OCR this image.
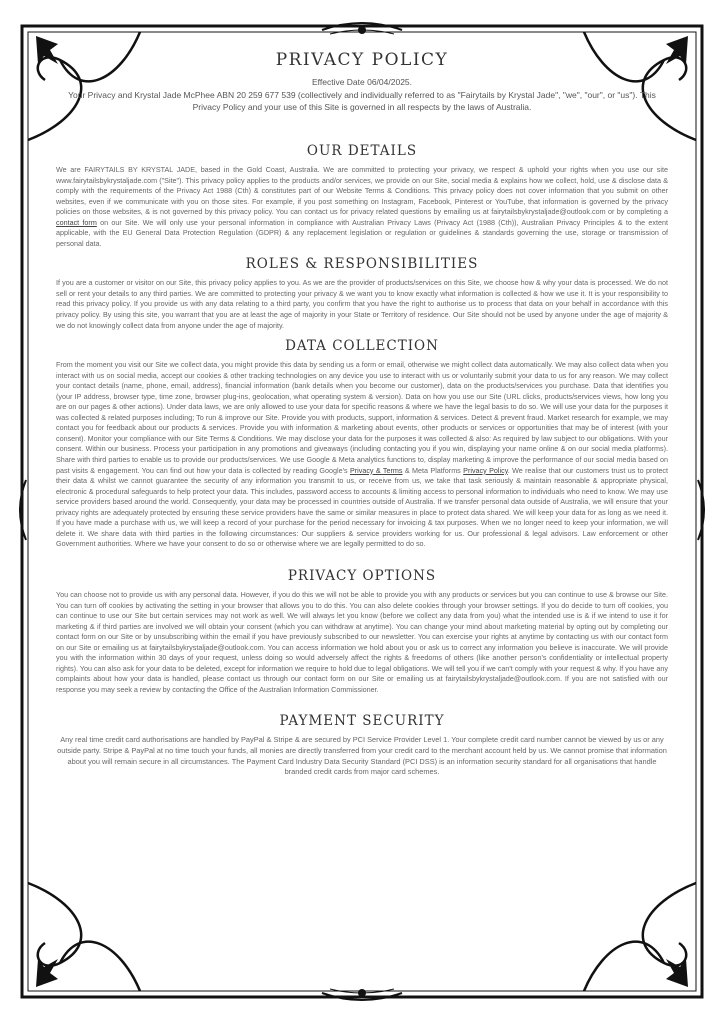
PRIVACY POLICY

Effective Date 06/04/2025.

Your Privacy and Krystal Jade McPhee ABN 20 259 677 539 (collectively and individually referred to as "Fairytails by Krystal Jade", "we", "our", or "us"). This Privacy Policy and your use of this Site is governed in all respects by the laws of Australia.

OUR DETAILS

We are FAIRYTAILS BY KRYSTAL JADE, based in the Gold Coast, Australia. We are committed to protecting your privacy, we respect & uphold your rights when you use our site www.fairytailsbykrystaljade.com ("Site"). This privacy policy applies to the products and/or services, we provide on our Site, social media & explains how we collect, hold, use & disclose data & comply with the requirements of the Privacy Act 1988 (Cth) & constitutes part of our Website Terms & Conditions. This privacy policy does not cover information that you submit on other websites, even if we communicate with you on those sites. For example, if you post something on Instagram, Facebook, Pinterest or YouTube, that information is governed by the privacy policies on those websites, & is not governed by this privacy policy. You can contact us for privacy related questions by emailing us at fairytailsbykrystaljade@outlook.com or by completing a contact form on our Site. We will only use your personal information in compliance with Australian Privacy Laws (Privacy Act (1988 (Cth)), Australian Privacy Principles & to the extent applicable, with the EU General Data Protection Regulation (GDPR) & any replacement legislation or regulation or guidelines & standards governing the use, storage or transmission of personal data.

ROLES & RESPONSIBILITIES

If you are a customer or visitor on our Site, this privacy policy applies to you. As we are the provider of products/services on this Site, we choose how & why your data is processed. We do not sell or rent your details to any third parties. We are committed to protecting your privacy & we want you to know exactly what information is collected & how we use it. It is your responsibility to read this privacy policy. If you provide us with any data relating to a third party, you confirm that you have the right to authorise us to process that data on your behalf in accordance with this privacy policy. By using this site, you warrant that you are at least the age of majority in your State or Territory of residence. Our Site should not be used by anyone under the age of majority & we do not knowingly collect data from anyone under the age of majority.

DATA COLLECTION

From the moment you visit our Site we collect data, you might provide this data by sending us a form or email, otherwise we might collect data automatically. We may also collect data when you interact with us on social media, accept our cookies & other tracking technologies on any device you use to interact with us or voluntarily submit your data to us for any reason. We may collect your contact details (name, phone, email, address), financial information (bank details when you become our customer), data on the products/services you purchase. Data that identifies you (your IP address, browser type, time zone, browser plug-ins, geolocation, what operating system & version). Data on how you use our Site (URL clicks, products/services views, how long you are on our pages & other actions). Under data laws, we are only allowed to use your data for specific reasons & where we have the legal basis to do so. We will use your data for the purposes it was collected & related purposes including; To run & improve our Site. Provide you with products, support, information & services. Detect & prevent fraud. Market research for example, we may contact you for feedback about our products & services. Provide you with information & marketing about events, other products or services or opportunities that may be of interest (with your consent). Monitor your compliance with our Site Terms & Conditions. We may disclose your data for the purposes it was collected & also: As required by law subject to our obligations. With your consent. Within our business. Process your participation in any promotions and giveaways (including contacting you if you win, displaying your name online & on our social media platforms). Share with third parties to enable us to provide our products/services. We use Google & Meta analytics functions to, display marketing & improve the performance of our social media based on past visits & engagement. You can find out how your data is collected by reading Google's Privacy & Terms & Meta Platforms Privacy Policy. We realise that our customers trust us to protect their data & whilst we cannot guarantee the security of any information you transmit to us, or receive from us, we take that task seriously & maintain reasonable & appropriate physical, electronic & procedural safeguards to help protect your data. This includes, password access to accounts & limiting access to personal information to individuals who need to know. We may use service providers based around the world. Consequently, your data may be processed in countries outside of Australia. If we transfer personal data outside of Australia, we will ensure that your privacy rights are adequately protected by ensuring these service providers have the same or similar measures in place to protect data shared. We will keep your data for as long as we need it. If you have made a purchase with us, we will keep a record of your purchase for the period necessary for invoicing & tax purposes. When we no longer need to keep your information, we will delete it. We share data with third parties in the following circumstances: Our suppliers & service providers working for us. Our professional & legal advisors. Law enforcement or other Government authorities. Where we have your consent to do so or otherwise where we are legally permitted to do so.

PRIVACY OPTIONS

You can choose not to provide us with any personal data. However, if you do this we will not be able to provide you with any products or services but you can continue to use & browse our Site. You can turn off cookies by activating the setting in your browser that allows you to do this. You can also delete cookies through your browser settings. If you do decide to turn off cookies, you can continue to use our Site but certain services may not work as well. We will always let you know (before we collect any data from you) what the intended use is & if we intend to use it for marketing & if third parties are involved we will obtain your consent (which you can withdraw at anytime). You can change your mind about marketing material by opting out by completing our contact form on our Site or by unsubscribing within the email if you have previously subscribed to our newsletter. You can exercise your rights at anytime by contacting us with our contact form on our Site or emailing us at fairytailsbykrystaljade@outlook.com. You can access information we hold about you or ask us to correct any information you believe is inaccurate. We will provide you with the information within 30 days of your request, unless doing so would adversely affect the rights & freedoms of others (like another person's confidentiality or intellectual property rights). You can also ask for your data to be deleted, except for information we require to hold due to legal obligations. We will tell you if we can't comply with your request & why. If you have any complaints about how your data is handled, please contact us through our contact form on our Site or emailing us at fairytailsbykrystaljade@outlook.com. If you are not satisfied with our response you may seek a review by contacting the Office of the Australian Information Commissioner.

PAYMENT SECURITY

Any real time credit card authorisations are handled by PayPal & Stripe & are secured by PCI Service Provider Level 1. Your complete credit card number cannot be viewed by us or any outside party. Stripe & PayPal at no time touch your funds, all monies are directly transferred from your credit card to the merchant account held by us. We cannot promise that information about you will remain secure in all circumstances. The Payment Card Industry Data Security Standard (PCI DSS) is an information security standard for all organisations that handle branded credit cards from major card schemes.
